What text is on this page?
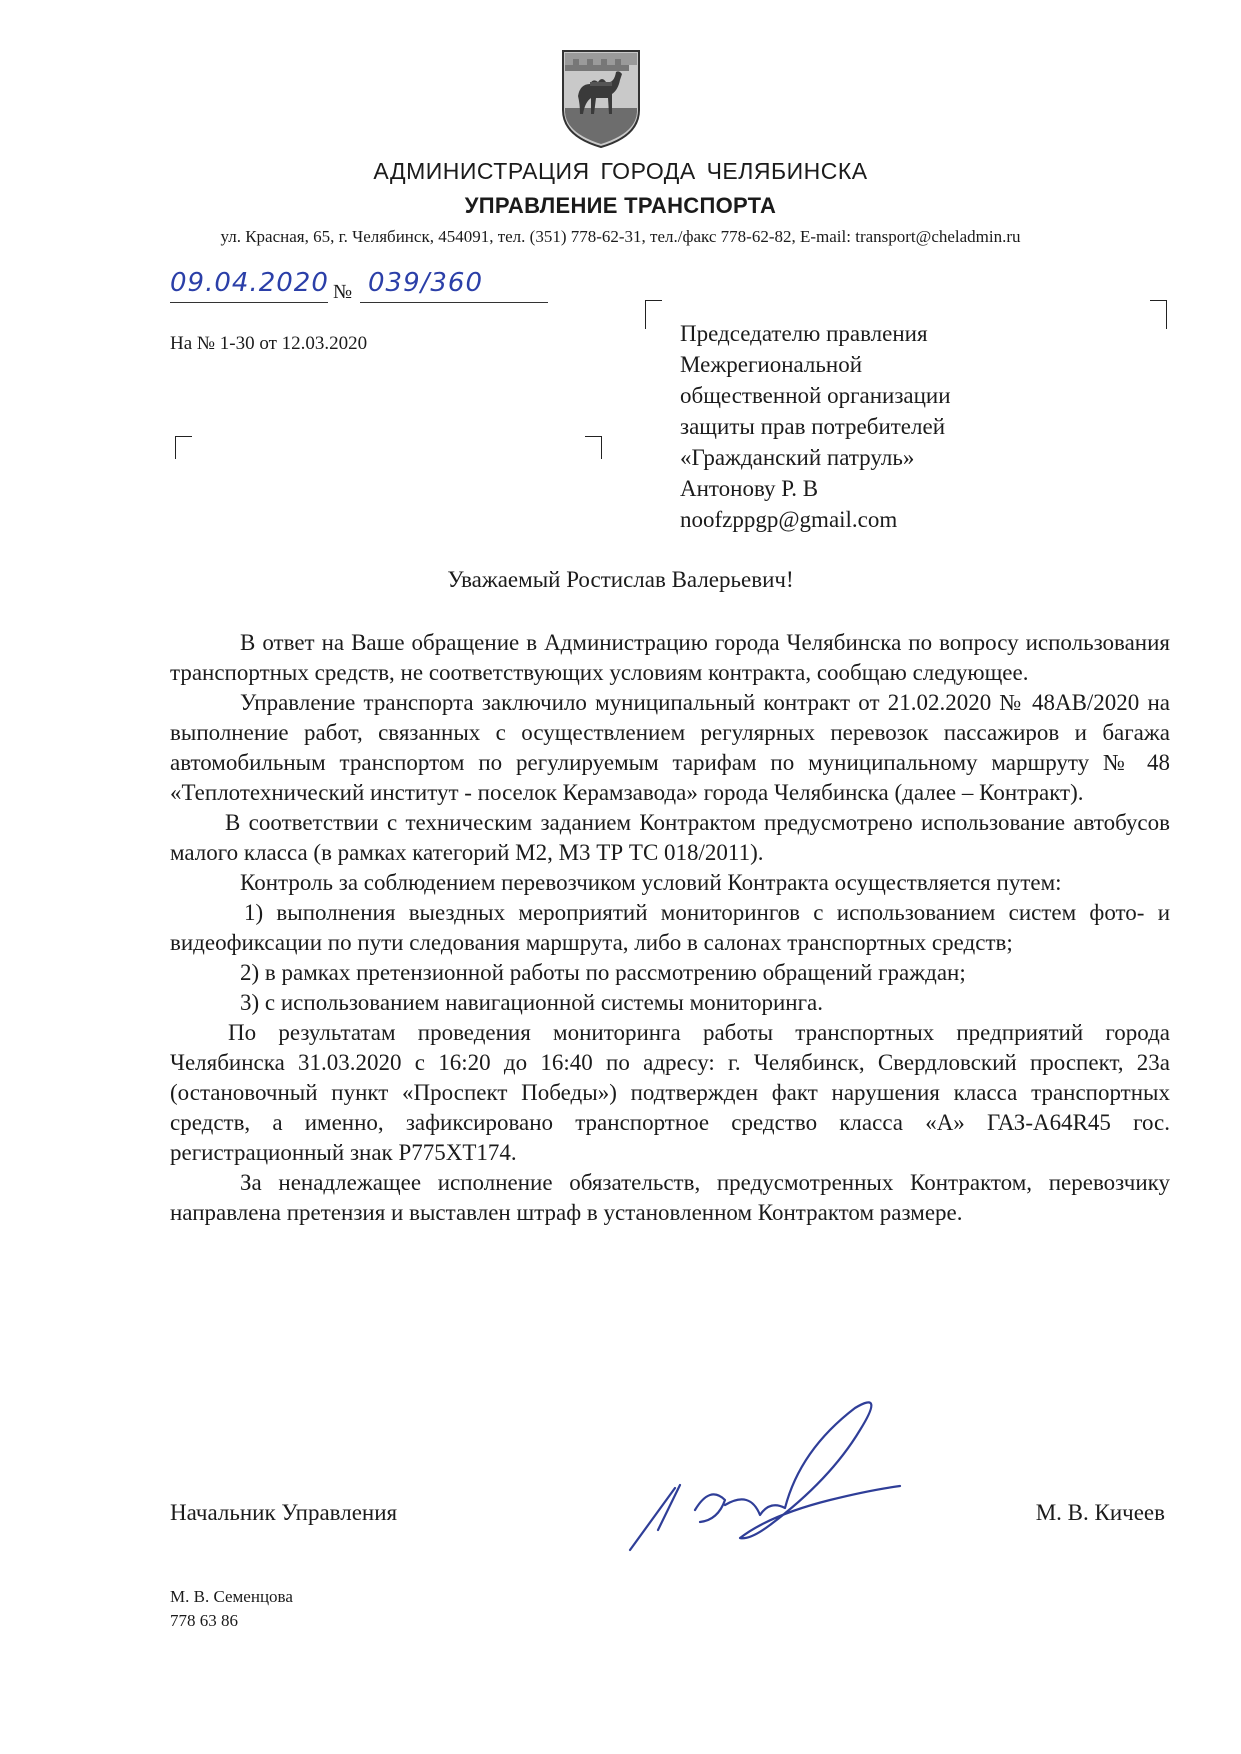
АДМИНИСТРАЦИЯ ГОРОДА ЧЕЛЯБИНСКА
УПРАВЛЕНИЕ ТРАНСПОРТА
ул. Красная, 65, г. Челябинск, 454091, тел. (351) 778-62-31, тел./факс 778-62-82, E-mail: transport@cheladmin.ru
09.04.2020 № 039/360
На № 1-30 от 12.03.2020	Председателю правления
Межрегиональной
общественной организации
защиты прав потребителей
«Гражданский патруль»
Антонову Р. В
noofzppgp@gmail.com
Уважаемый Ростислав Валерьевич!

В ответ на Ваше обращение в Администрацию города Челябинска по вопросу использования транспортных средств, не соответствующих условиям контракта, сообщаю следующее.

Управление транспорта заключило муниципальный контракт от 21.02.2020 № 48АВ/2020 на выполнение работ, связанных с осуществлением регулярных перевозок пассажиров и багажа автомобильным транспортом по регулируемым тарифам по муниципальному маршруту № 48 «Теплотехнический институт - поселок Керамзавода» города Челябинска (далее – Контракт).

В соответствии с техническим заданием Контрактом предусмотрено использование автобусов малого класса (в рамках категорий М2, М3 ТР ТС 018/2011).

Контроль за соблюдением перевозчиком условий Контракта осуществляется путем:

1) выполнения выездных мероприятий мониторингов с использованием систем фото- и видеофиксации по пути следования маршрута, либо в салонах транспортных средств;

2) в рамках претензионной работы по рассмотрению обращений граждан;

3) с использованием навигационной системы мониторинга.

По результатам проведения мониторинга работы транспортных предприятий города Челябинска 31.03.2020 с 16:20 до 16:40 по адресу: г. Челябинск, Свердловский проспект, 23а (остановочный пункт «Проспект Победы») подтвержден факт нарушения класса транспортных средств, а именно, зафиксировано транспортное средство класса «А» ГАЗ-А64R45 гос. регистрационный знак Р775ХТ174.

За ненадлежащее исполнение обязательств, предусмотренных Контрактом, перевозчику направлена претензия и выставлен штраф в установленном Контрактом размере.

Начальник Управления	М. В. Кичеев
М. В. Семенцова
778 63 86
